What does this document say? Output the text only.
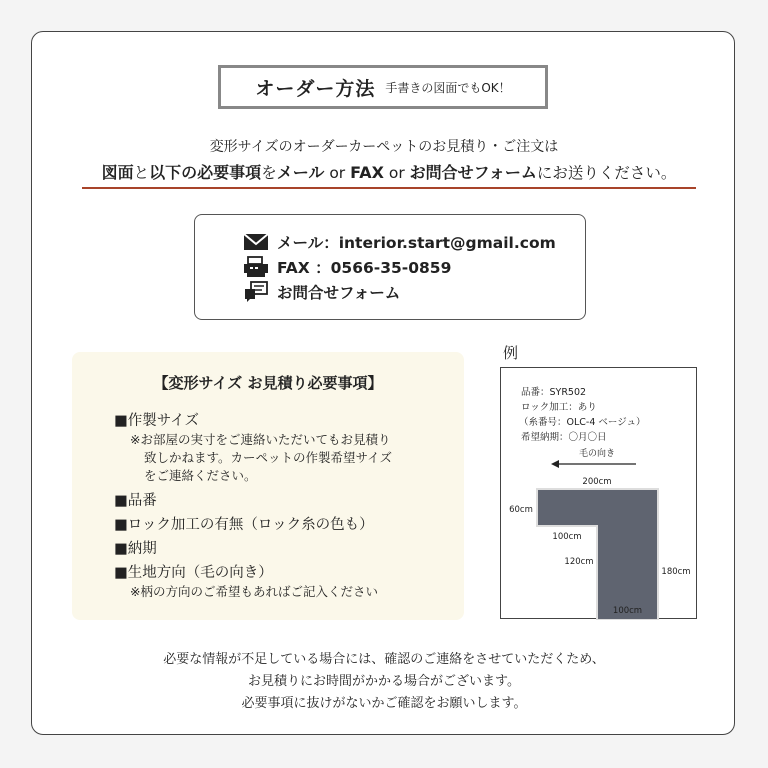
オーダー方法 手書きの図面でもOK！
変形サイズのオーダーカーペットのお見積り・ご注文は
図面と以下の必要事項をメール or FAX or お問合せフォームにお送りください。
メール：interior.start@gmail.com
FAX ：0566-35-0859
お問合せフォーム
【変形サイズ お見積り必要事項】
■作製サイズ
※お部屋の実寸をご連絡いただいてもお見積り
致しかねます。カーペットの作製希望サイズ
をご連絡ください。
■品番
■ロック加工の有無（ロック糸の色も）
■納期
■生地方向（毛の向き）
※柄の方向のご希望もあればご記入ください
例
品番：SYR502
ロック加工：あり
（糸番号：OLC-4 ベージュ）
希望納期：〇月〇日
毛の向き
200cm
60cm
180cm
100cm
120cm
100cm
必要な情報が不足している場合には、確認のご連絡をさせていただくため、
お見積りにお時間がかかる場合がございます。
必要事項に抜けがないかご確認をお願いします。
